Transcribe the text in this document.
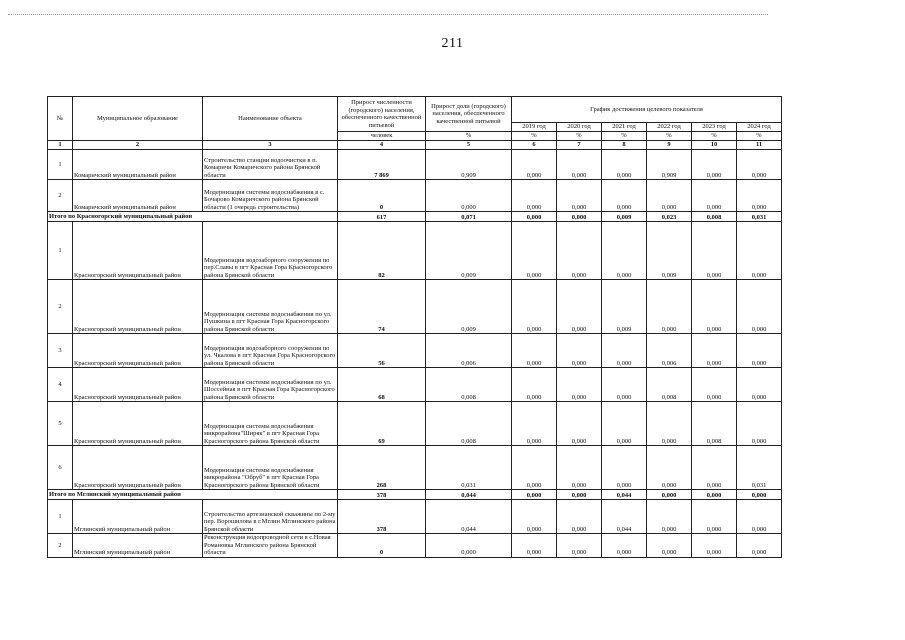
211
№	Муниципальное образование	Наименование объекта	Прирост численности (городского) населения, обеспеченного качественной питьевой	Прирост доли (городского) населения, обеспеченного качественной питьевой	График достижения целевого показателя					
					2019 год	2020 год	2021 год	2022 год	2023 год	2024 год
			человек	%	%	%	%	%	%	%
1	2	3	4	5	6	7	8	9	10	11
1	Комаричский муниципальный район	Строительство станции водоочистки в п. Комаричи Комаричского района Брянской области	7 869	0,909	0,000	0,000	0,000	0,909	0,000	0,000
2	Комаричский муниципальный район	Модернизация системы водоснабжения в с. Бочарово Комаричского района Брянской области (1 очередь строительства)	0	0,000	0,000	0,000	0,000	0,000	0,000	0,000
Итого по Красногорский муниципальный район			617	0,071	0,000	0,000	0,009	0,023	0,008	0,031
1	Красногорский муниципальный район	Модернизация водозаборного сооружения по пер.Славы в пгт Красная Гора Красногорского района Брянской области	82	0,009	0,000	0,000	0,000	0,009	0,000	0,000
2	Красногорский муниципальный район	Модернизация системы водоснабжения по ул. Пушкина в пгт Красная Гора Красногорского района Брянской области	74	0,009	0,000	0,000	0,009	0,000	0,000	0,000
3	Красногорский муниципальный район	Модернизация водозаборного сооружения по ул. Чкалова в пгт Красная Гора Красногорского района Брянской области	56	0,006	0,000	0,000	0,000	0,006	0,000	0,000
4	Красногорский муниципальный район	Модернизация системы водоснабжения по ул. Шоссейная в пгт Красная Гора Красногорского района Брянской области	68	0,008	0,000	0,000	0,000	0,008	0,000	0,000
5	Красногорский муниципальный район	Модернизация системы водоснабжения микрорайона"Ширяк" в пгт Красная Гора Красногорского района Брянской области	69	0,008	0,000	0,000	0,000	0,000	0,008	0,000
6	Красногорский муниципальный район	Модернизация системы водоснабжения микрорайона "Обруб" в пгт Красная Гора Красногорского района Брянской области	268	0,031	0,000	0,000	0,000	0,000	0,000	0,031
Итого по Мглинский муниципальный район			378	0,044	0,000	0,000	0,044	0,000	0,000	0,000
1	Мглинский муниципальный район	Строительство артезианской скважины по 2-му пер. Ворошилова в г.Мглин Мглинского района Брянской области	378	0,044	0,000	0,000	0,044	0,000	0,000	0,000
2	Мглинский муниципальный район	Реконструкция водопроводной сети в с.Новая Романовка Мглинского района Брянской области	0	0,000	0,000	0,000	0,000	0,000	0,000	0,000
